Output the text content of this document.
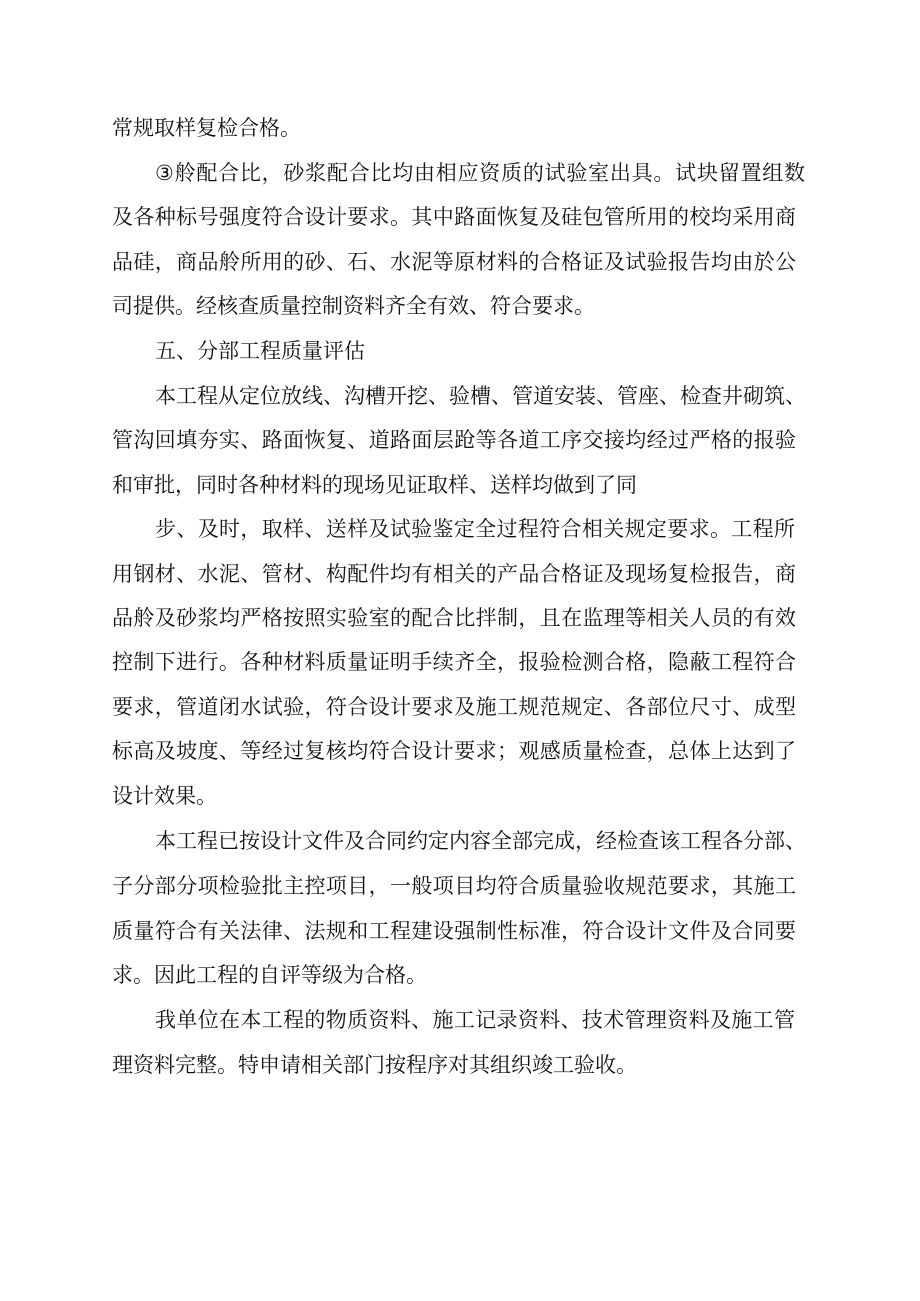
常规取样复检合格。
③舲配合比，砂浆配合比均由相应资质的试验室出具。试块留置组数
及各种标号强度符合设计要求。其中路面恢复及硅包管所用的校均采用商
品硅，商品舲所用的砂、石、水泥等原材料的合格证及试验报告均由於公
司提供。经核查质量控制资料齐全有效、符合要求。
五、分部工程质量评估
本工程从定位放线、沟槽开挖、验槽、管道安装、管座、检查井砌筑、
管沟回填夯实、路面恢复、道路面层跄等各道工序交接均经过严格的报验
和审批，同时各种材料的现场见证取样、送样均做到了同
步、及时，取样、送样及试验鉴定全过程符合相关规定要求。工程所
用钢材、水泥、管材、构配件均有相关的产品合格证及现场复检报告，商
品舲及砂浆均严格按照实验室的配合比拌制，且在监理等相关人员的有效
控制下进行。各种材料质量证明手续齐全，报验检测合格，隐蔽工程符合
要求，管道闭水试验，符合设计要求及施工规范规定、各部位尺寸、成型
标高及坡度、等经过复核均符合设计要求；观感质量检查，总体上达到了
设计效果。
本工程已按设计文件及合同约定内容全部完成，经检查该工程各分部、
子分部分项检验批主控项目，一般项目均符合质量验收规范要求，其施工
质量符合有关法律、法规和工程建设强制性标准，符合设计文件及合同要
求。因此工程的自评等级为合格。
我单位在本工程的物质资料、施工记录资料、技术管理资料及施工管
理资料完整。特申请相关部门按程序对其组织竣工验收。
